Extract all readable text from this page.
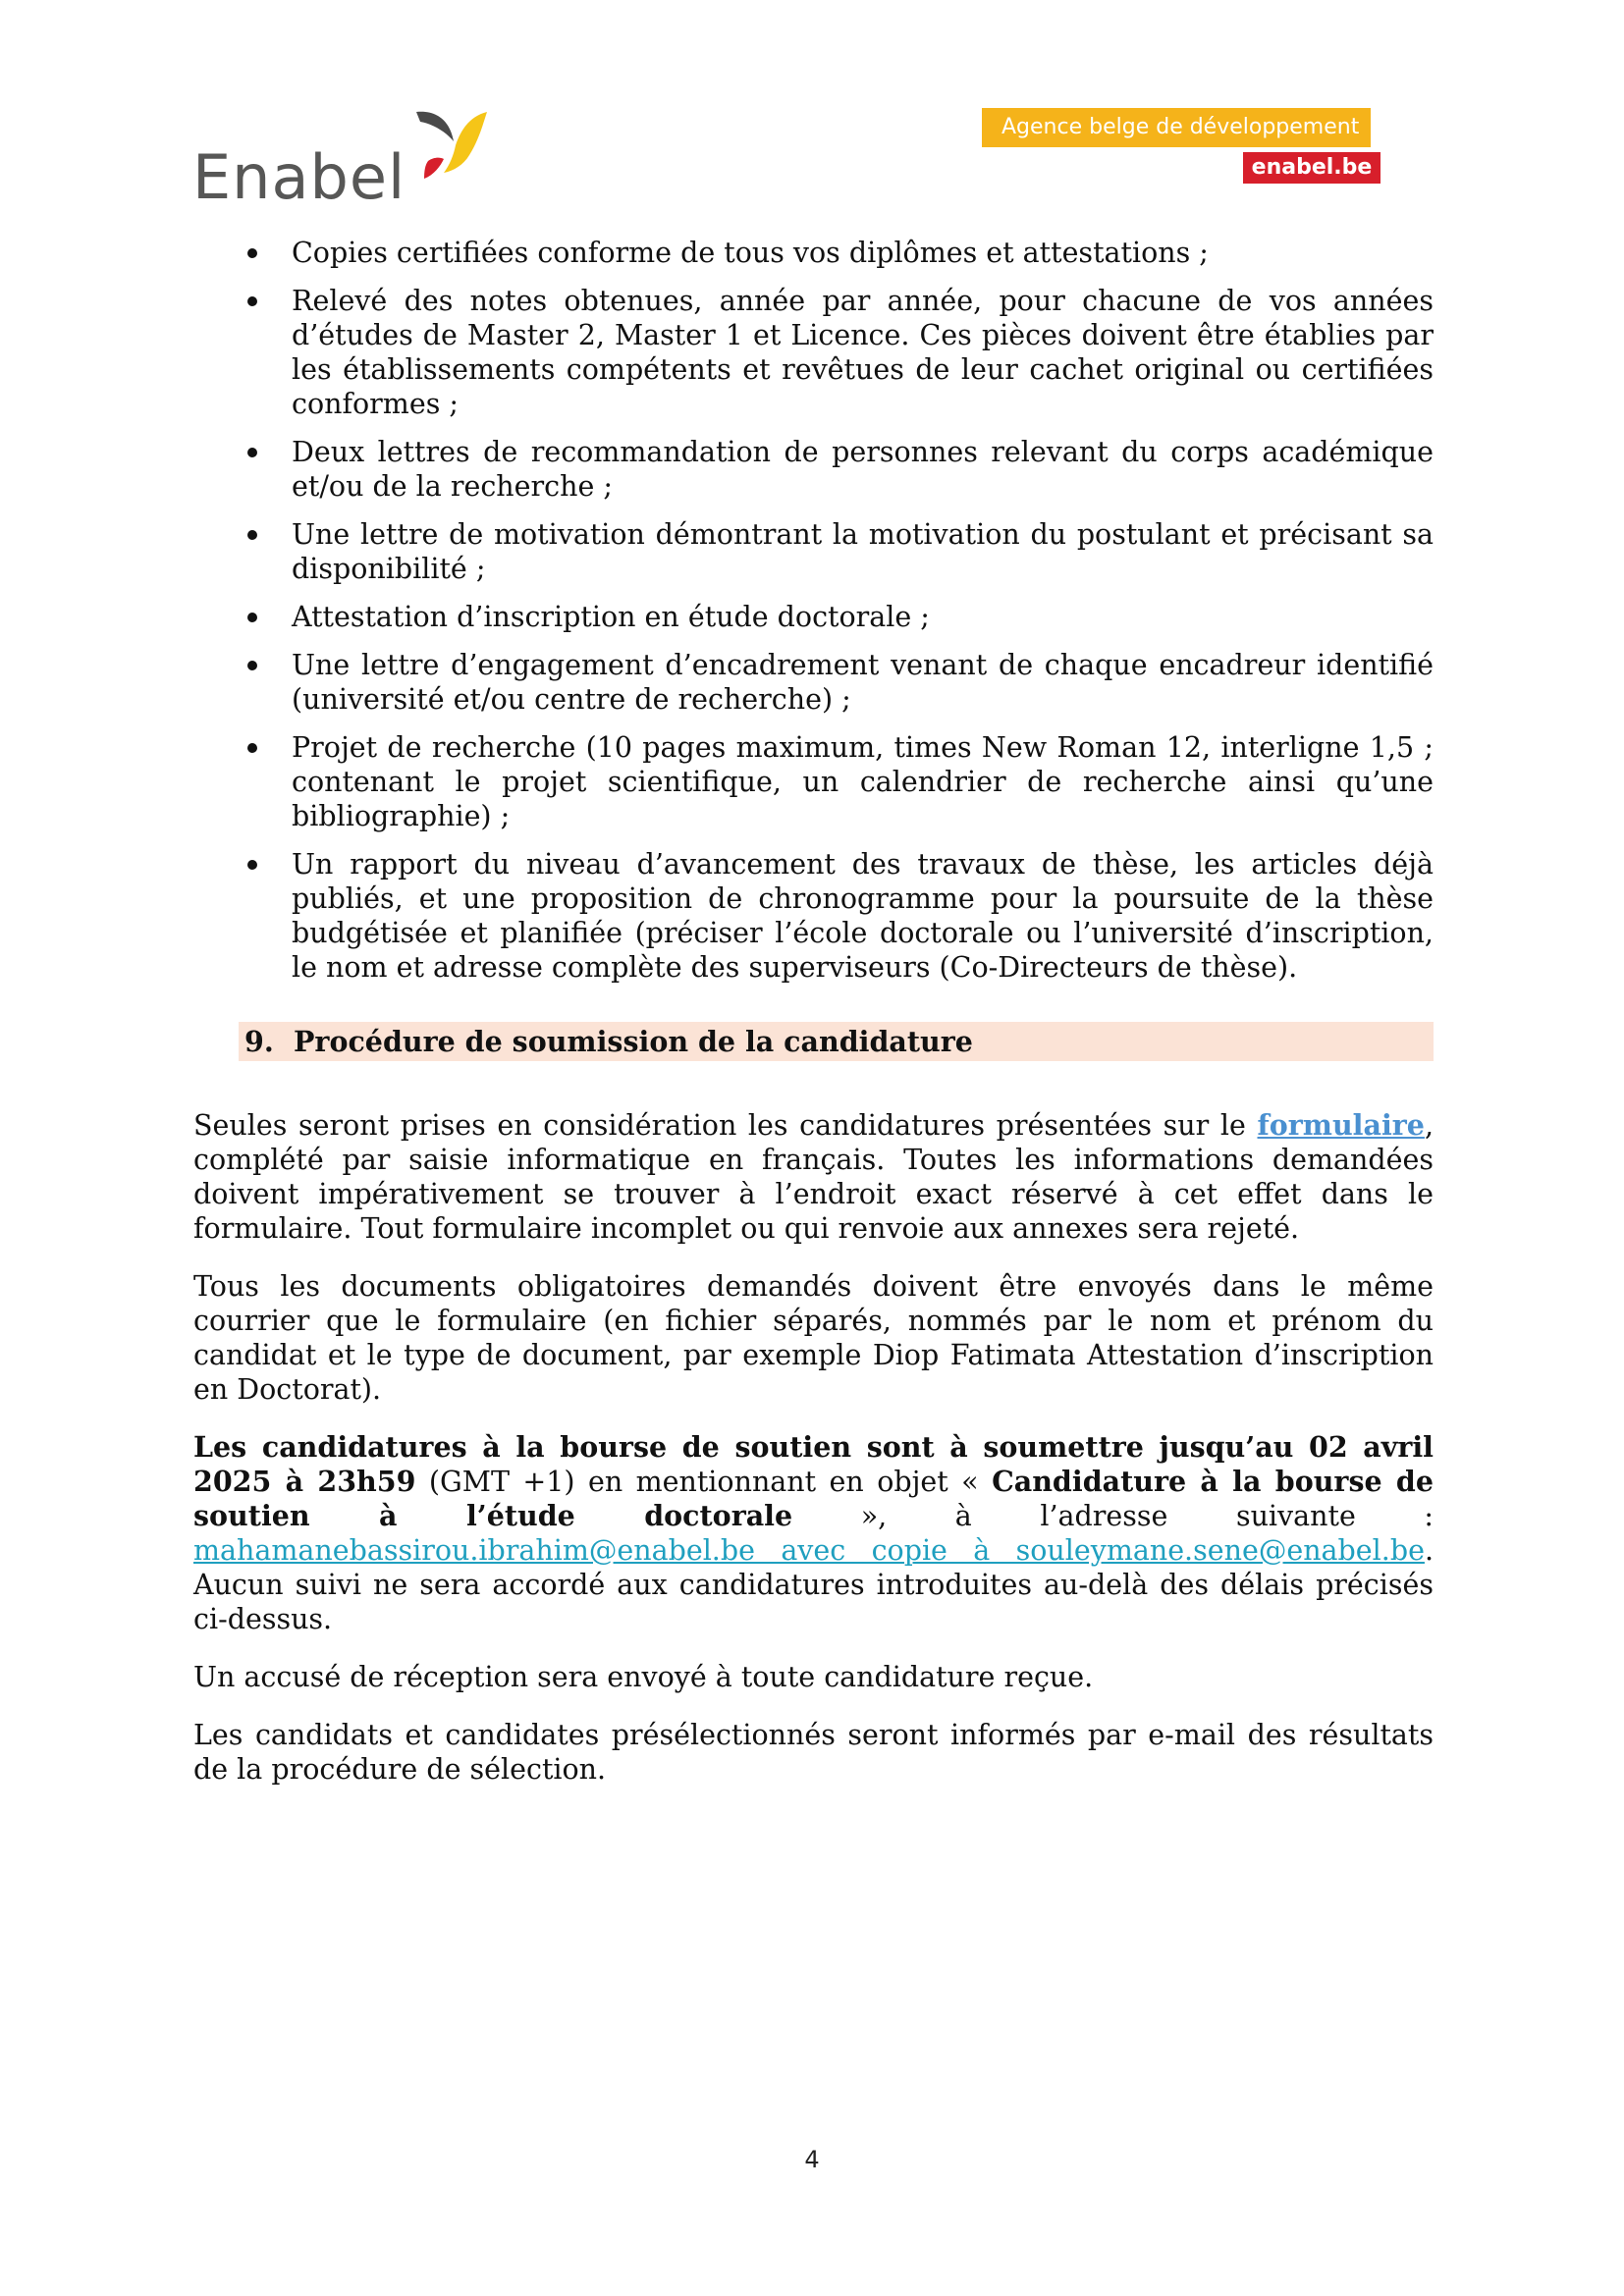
Enabel
Agence belge de développement
enabel.be
Copies certifiées conforme de tous vos diplômes et attestations ;
Relevé des notes obtenues, année par année, pour chacune de vos années d’études de Master 2, Master 1 et Licence. Ces pièces doivent être établies par les établissements compétents et revêtues de leur cachet original ou certifiées conformes ;
Deux lettres de recommandation de personnes relevant du corps académique et/ou de la recherche ;
Une lettre de motivation démontrant la motivation du postulant et précisant sa disponibilité ;
Attestation d’inscription en étude doctorale ;
Une lettre d’engagement d’encadrement venant de chaque encadreur identifié (université et/ou centre de recherche) ;
Projet de recherche (10 pages maximum, times New Roman 12, interligne 1,5 ; contenant le projet scientifique, un calendrier de recherche ainsi qu’une bibliographie) ;
Un rapport du niveau d’avancement des travaux de thèse, les articles déjà publiés, et une proposition de chronogramme pour la poursuite de la thèse budgétisée et planifiée (préciser l’école doctorale ou l’université d’inscription, le nom et adresse complète des superviseurs (Co-Directeurs de thèse).
9. Procédure de soumission de la candidature

Seules seront prises en considération les candidatures présentées sur le formulaire, complété par saisie informatique en français. Toutes les informations demandées doivent impérativement se trouver à l’endroit exact réservé à cet effet dans le formulaire. Tout formulaire incomplet ou qui renvoie aux annexes sera rejeté.

Tous les documents obligatoires demandés doivent être envoyés dans le même courrier que le formulaire (en fichier séparés, nommés par le nom et prénom du candidat et le type de document, par exemple Diop Fatimata Attestation d’inscription en Doctorat).

Les candidatures à la bourse de soutien sont à soumettre jusqu’au 02 avril 2025 à 23h59 (GMT +1) en mentionnant en objet « Candidature à la bourse de soutien à l’étude doctorale », à l’adresse suivante : mahamanebassirou.ibrahim@enabel.be avec copie à souleymane.sene@enabel.be. Aucun suivi ne sera accordé aux candidatures introduites au-delà des délais précisés ci-dessus.

Un accusé de réception sera envoyé à toute candidature reçue.

Les candidats et candidates présélectionnés seront informés par e-mail des résultats de la procédure de sélection.

4
